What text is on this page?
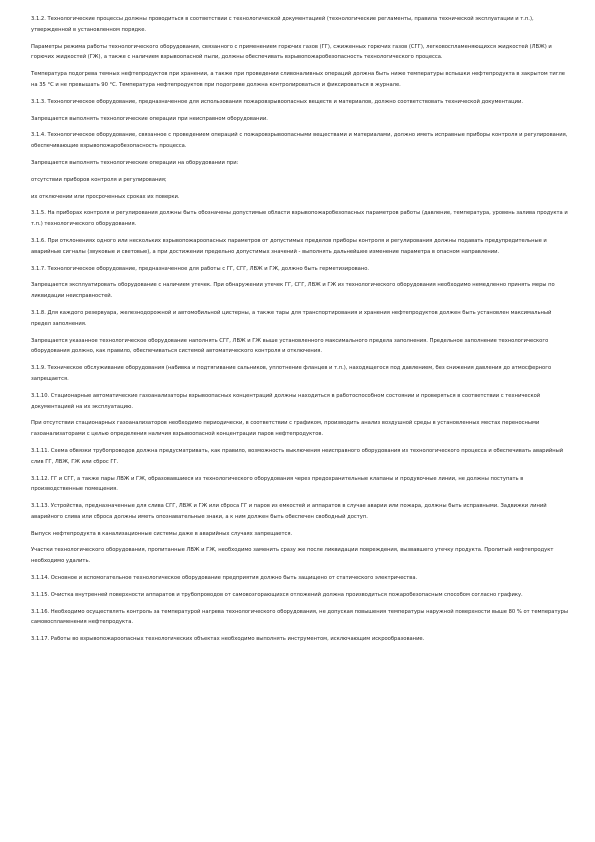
3.1.2. Технологические процессы должны проводиться в соответствии с технологической документацией (технологические регламенты, правила технической эксплуатации и т.п.), утвержденной в установленном порядке.

Параметры режима работы технологического оборудования, связанного с применением горючих газов (ГГ), сжиженных горючих газов (СГГ), легковоспламеняющихся жидкостей (ЛВЖ) и горючих жидкостей (ГЖ), а также с наличием взрывоопасной пыли, должны обеспечивать взрывопожаробезопасность технологического процесса.

Температура подогрева темных нефтепродуктов при хранении, а также при проведении сливоналивных операций должна быть ниже температуры вспышки нефтепродукта в закрытом тигле на 35 °С и не превышать 90 °С. Температура нефтепродуктов при подогреве должна контролироваться и фиксироваться в журнале.

3.1.3. Технологическое оборудование, предназначенное для использования пожаровзрывоопасных веществ и материалов, должно соответствовать технической документации.

Запрещается выполнять технологические операции при неисправном оборудовании.

3.1.4. Технологическое оборудование, связанное с проведением операций с пожаровзрывоопасными веществами и материалами, должно иметь исправные приборы контроля и регулирования, обеспечивающие взрывопожаробезопасность процесса.

Запрещается выполнять технологические операции на оборудовании при:

отсутствии приборов контроля и регулирования;

их отключении или просроченных сроках их поверки.

3.1.5. На приборах контроля и регулирования должны быть обозначены допустимые области взрывопожаробезопасных параметров работы (давление, температура, уровень залива продукта и т.п.) технологического оборудования.

3.1.6. При отклонениях одного или нескольких взрывопожароопасных параметров от допустимых пределов приборы контроля и регулирования должны подавать предупредительные и аварийные сигналы (звуковые и световые), а при достижении предельно допустимых значений - выполнять дальнейшее изменение параметра в опасном направлении.

3.1.7. Технологическое оборудование, предназначенное для работы с ГГ, СГГ, ЛВЖ и ГЖ, должно быть герметизировано.

Запрещается эксплуатировать оборудование с наличием утечек. При обнаружении утечек ГГ, СГГ, ЛВЖ и ГЖ из технологического оборудования необходимо немедленно принять меры по ликвидации неисправностей.

3.1.8. Для каждого резервуара, железнодорожной и автомобильной цистерны, а также тары для транспортирования и хранения нефтепродуктов должен быть установлен максимальный предел заполнения.

Запрещается указанное технологическое оборудование наполнять СГГ, ЛВЖ и ГЖ выше установленного максимального предела заполнения. Предельное заполнение технологического оборудования должно, как правило, обеспечиваться системой автоматического контроля и отключения.

3.1.9. Техническое обслуживание оборудования (набивка и подтягивание сальников, уплотнение фланцев и т.п.), находящегося под давлением, без снижения давления до атмосферного запрещается.

3.1.10. Стационарные автоматические газоанализаторы взрывоопасных концентраций должны находиться в работоспособном состоянии и проверяться в соответствии с технической документацией на их эксплуатацию.

При отсутствии стационарных газоанализаторов необходимо периодически, в соответствии с графиком, производить анализ воздушной среды в установленных местах переносными газоанализаторами с целью определения наличия взрывоопасной концентрации паров нефтепродуктов.

3.1.11. Схема обвязки трубопроводов должна предусматривать, как правило, возможность выключения неисправного оборудования из технологического процесса и обеспечивать аварийный слив ГГ, ЛВЖ, ГЖ или сброс ГГ.

3.1.12. ГГ и СГГ, а также пары ЛВЖ и ГЖ, образовавшиеся из технологического оборудования через предохранительные клапаны и продувочные линии, не должны поступать в производственные помещения.

3.1.13. Устройства, предназначенные для слива СГГ, ЛВЖ и ГЖ или сброса ГГ и паров из емкостей и аппаратов в случае аварии или пожара, должны быть исправными. Задвижки линий аварийного слива или сброса должны иметь опознавательные знаки, а к ним должен быть обеспечен свободный доступ.

Выпуск нефтепродукта в канализационные системы даже в аварийных случаях запрещается.

Участки технологического оборудования, пропитанные ЛВЖ и ГЖ, необходимо заменить сразу же после ликвидации повреждения, вызвавшего утечку продукта. Пролитый нефтепродукт необходимо удалить.

3.1.14. Основное и вспомогательное технологическое оборудование предприятия должно быть защищено от статического электричества.

3.1.15. Очистка внутренней поверхности аппаратов и трубопроводов от самовозгорающихся отложений должна производиться пожаробезопасным способом согласно графику.

3.1.16. Необходимо осуществлять контроль за температурой нагрева технологического оборудования, не допуская повышения температуры наружной поверхности выше 80 % от температуры самовоспламенения нефтепродукта.

3.1.17. Работы во взрывопожароопасных технологических объектах необходимо выполнять инструментом, исключающим искрообразование.
